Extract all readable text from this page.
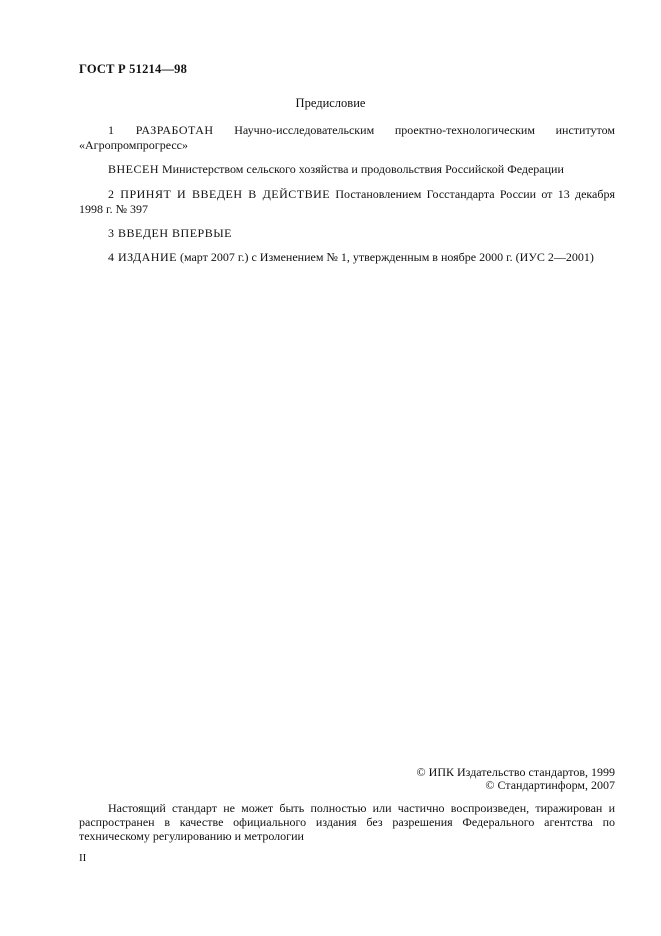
ГОСТ Р 51214—98
Предисловие
1 РАЗРАБОТАН Научно-исследовательским проектно-технологическим институтом «Агропромпрогресс»
ВНЕСЕН Министерством сельского хозяйства и продовольствия Российской Федерации
2 ПРИНЯТ И ВВЕДЕН В ДЕЙСТВИЕ Постановлением Госстандарта России от 13 декабря 1998 г. № 397
3 ВВЕДЕН ВПЕРВЫЕ
4 ИЗДАНИЕ (март 2007 г.) с Изменением № 1, утвержденным в ноябре 2000 г. (ИУС 2—2001)
© ИПК Издательство стандартов, 1999
© Стандартинформ, 2007
Настоящий стандарт не может быть полностью или частично воспроизведен, тиражирован и распространен в качестве официального издания без разрешения Федерального агентства по техническому регулированию и метрологии
II
